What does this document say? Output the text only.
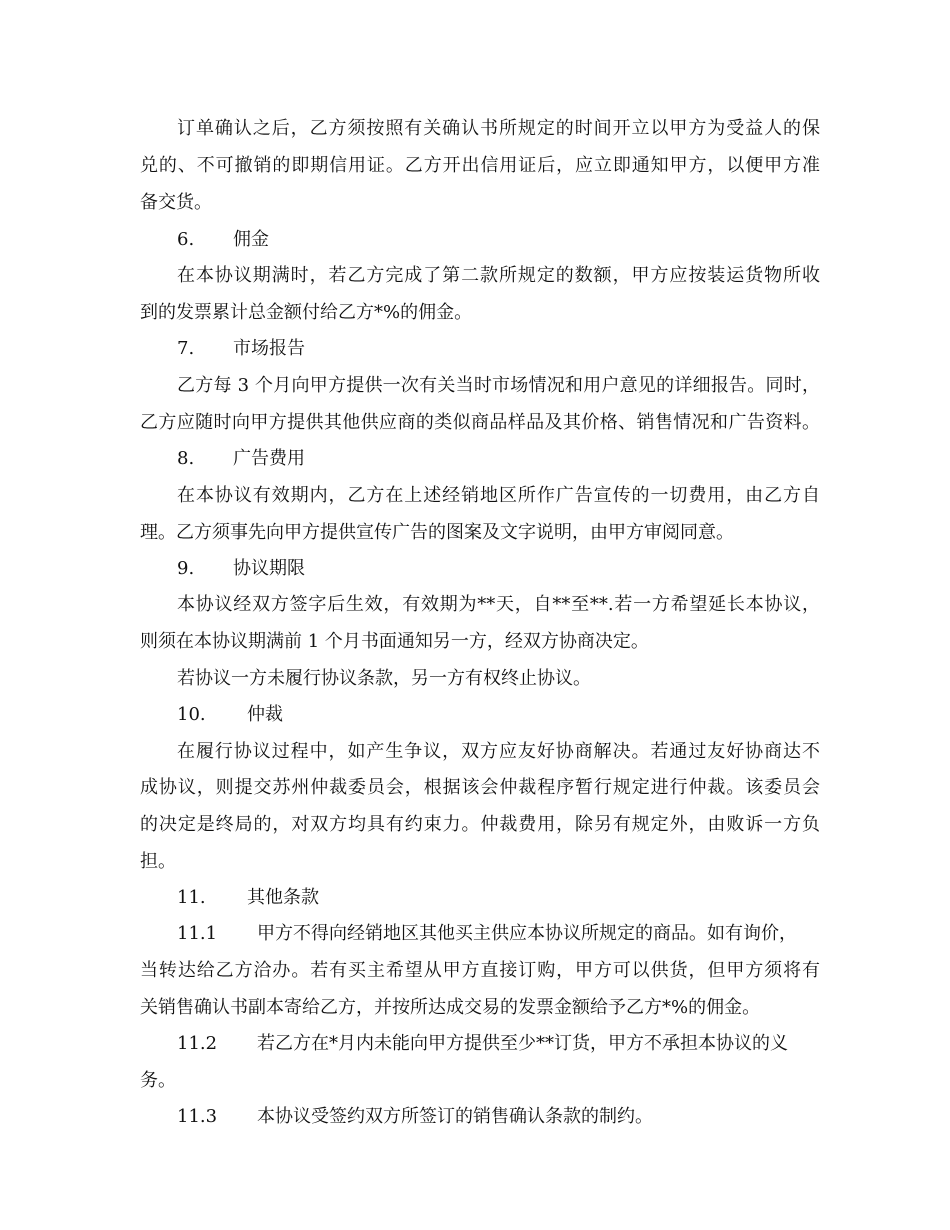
订单确认之后，乙方须按照有关确认书所规定的时间开立以甲方为受益人的保
兑的、不可撤销的即期信用证。乙方开出信用证后，应立即通知甲方，以便甲方准
备交货。
6. 佣金
在本协议期满时，若乙方完成了第二款所规定的数额，甲方应按装运货物所收
到的发票累计总金额付给乙方*%的佣金。
7. 市场报告
乙方每 3 个月向甲方提供一次有关当时市场情况和用户意见的详细报告。同时，
乙方应随时向甲方提供其他供应商的类似商品样品及其价格、销售情况和广告资料。
8. 广告费用
在本协议有效期内，乙方在上述经销地区所作广告宣传的一切费用，由乙方自
理。乙方须事先向甲方提供宣传广告的图案及文字说明，由甲方审阅同意。
9. 协议期限
本协议经双方签字后生效，有效期为**天，自**至**.若一方希望延长本协议，
则须在本协议期满前 1 个月书面通知另一方，经双方协商决定。
若协议一方未履行协议条款，另一方有权终止协议。
10. 仲裁
在履行协议过程中，如产生争议，双方应友好协商解决。若通过友好协商达不
成协议，则提交苏州仲裁委员会，根据该会仲裁程序暂行规定进行仲裁。该委员会
的决定是终局的，对双方均具有约束力。仲裁费用，除另有规定外，由败诉一方负
担。
11. 其他条款
11.1 甲方不得向经销地区其他买主供应本协议所规定的商品。如有询价，
当转达给乙方洽办。若有买主希望从甲方直接订购，甲方可以供货，但甲方须将有
关销售确认书副本寄给乙方，并按所达成交易的发票金额给予乙方*%的佣金。
11.2 若乙方在*月内未能向甲方提供至少**订货，甲方不承担本协议的义
务。
11.3 本协议受签约双方所签订的销售确认条款的制约。
